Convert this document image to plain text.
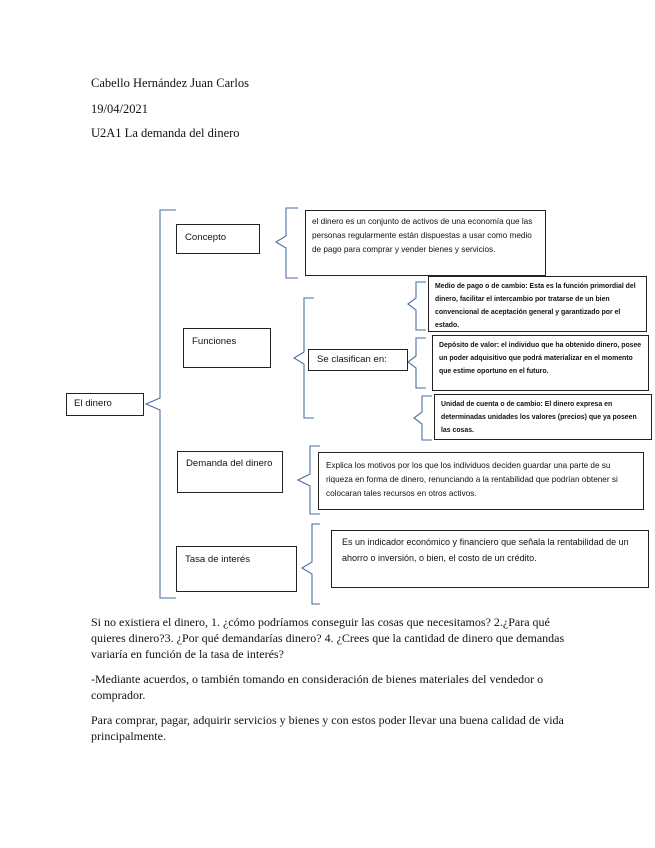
Cabello Hernández Juan Carlos
19/04/2021
U2A1 La demanda del dinero
El dinero
Concepto
el dinero es un conjunto de activos de una economía que las personas regularmente están dispuestas a usar como medio de pago para comprar y vender bienes y servicios.
Funciones
Se clasifican en:
Medio de pago o de cambio: Esta es la función primordial del dinero, facilitar el intercambio por tratarse de un bien convencional de aceptación general y garantizado por el estado.
Depósito de valor: el individuo que ha obtenido dinero, posee un poder adquisitivo que podrá materializar en el momento que estime oportuno en el futuro.
Unidad de cuenta o de cambio: El dinero expresa en determinadas unidades los valores (precios) que ya poseen las cosas.
Demanda del dinero	Explica los motivos por los que los individuos deciden guardar una parte de su riqueza en forma de dinero, renunciando a la rentabilidad que podrían obtener si colocaran tales recursos en otros activos.
Tasa de interés
Es un indicador económico y financiero que señala la rentabilidad de un ahorro o inversión, o bien, el costo de un crédito.

Si no existiera el dinero, 1. ¿cómo podríamos conseguir las cosas que necesitamos? 2.¿Para qué quieres dinero?3. ¿Por qué demandarías dinero? 4. ¿Crees que la cantidad de dinero que demandas variaría en función de la tasa de interés?

-Mediante acuerdos, o también tomando en consideración de bienes materiales del vendedor o comprador.

Para comprar, pagar, adquirir servicios y bienes y con estos poder llevar una buena calidad de vida principalmente.
